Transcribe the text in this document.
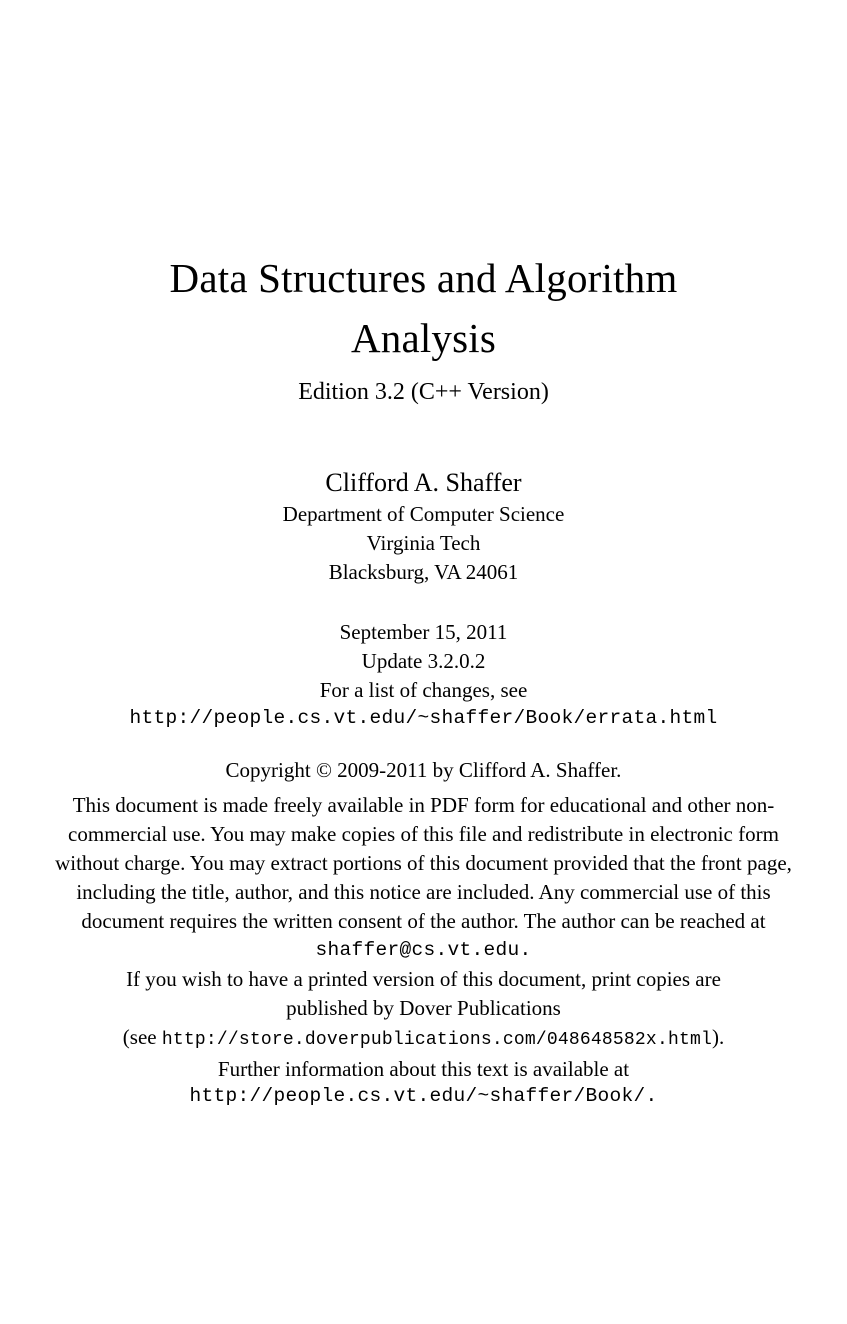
Data Structures and Algorithm
Analysis
Edition 3.2 (C++ Version)
Clifford A. Shaffer
Department of Computer Science
Virginia Tech
Blacksburg, VA 24061
September 15, 2011
Update 3.2.0.2
For a list of changes, see
http://people.cs.vt.edu/~shaffer/Book/errata.html
Copyright © 2009-2011 by Clifford A. Shaffer.
This document is made freely available in PDF form for educational and other non-commercial use. You may make copies of this file and redistribute in electronic form without charge. You may extract portions of this document provided that the front page, including the title, author, and this notice are included. Any commercial use of this document requires the written consent of the author. The author can be reached at
shaffer@cs.vt.edu.
If you wish to have a printed version of this document, print copies are
published by Dover Publications
(see http://store.doverpublications.com/048648582x.html).
Further information about this text is available at
http://people.cs.vt.edu/~shaffer/Book/.
